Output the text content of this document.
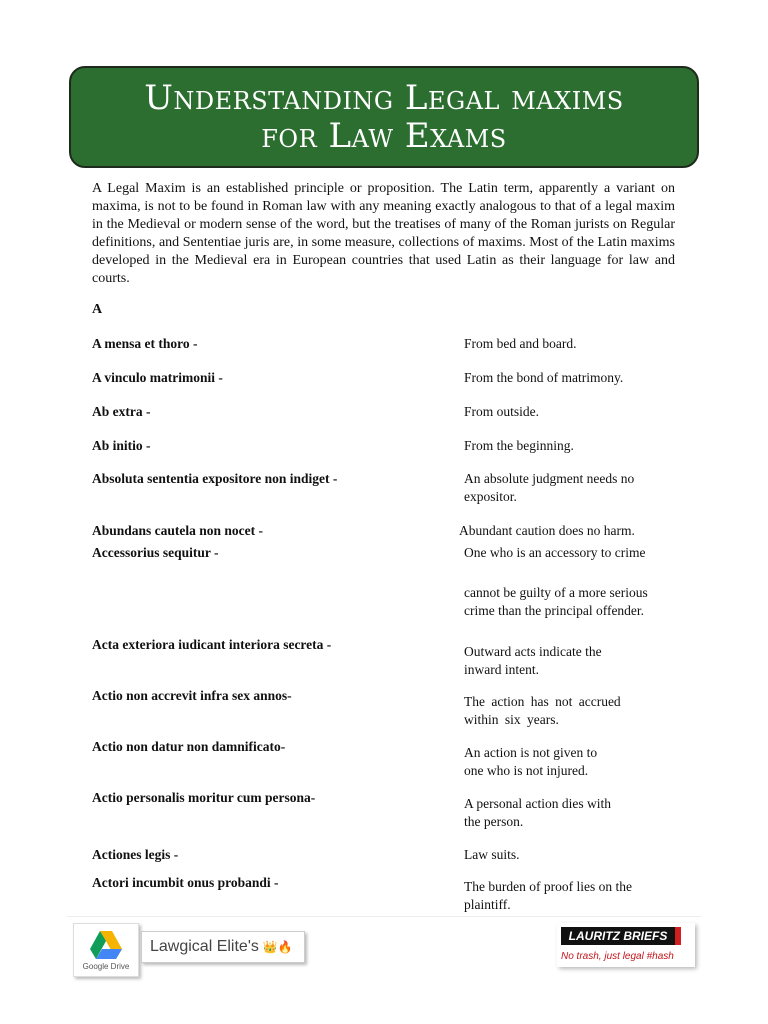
Understanding Legal maxims
for Law Exams

A Legal Maxim is an established principle or proposition. The Latin term, apparently a variant on maxima, is not to be found in Roman law with any meaning exactly analogous to that of a legal maxim in the Medieval or modern sense of the word, but the treatises of many of the Roman jurists on Regular definitions, and Sententiae juris are, in some measure, collections of maxims. Most of the Latin maxims developed in the Medieval era in European countries that used Latin as their language for law and courts.

A

A mensa et thoro -	From bed and board.

A vinculo matrimonii -	From the bond of matrimony.

Ab extra -	From outside.

Ab initio -	From the beginning.

Absoluta sententia expositore non indiget -	An absolute judgment needs no
expositor.

Abundans cautela non nocet -	Abundant caution does no harm.

Accessorius sequitur -	One who is an accessory to crime

cannot be guilty of a more serious
crime than the principal offender.

Acta exteriora iudicant interiora secreta -	Outward acts indicate the
inward intent.

Actio non accrevit infra sex annos-	The action has not accrued
within six years.

Actio non datur non damnificato-	An action is not given to
one who is not injured.

Actio personalis moritur cum persona-	A personal action dies with
the person.

Actiones legis -	Law suits.

Actori incumbit onus probandi -	The burden of proof lies on the
plaintiff.

Google Drive
Lawgical Elite's 👑🔥
LAURITZ BRIEFS
No trash, just legal #hash
